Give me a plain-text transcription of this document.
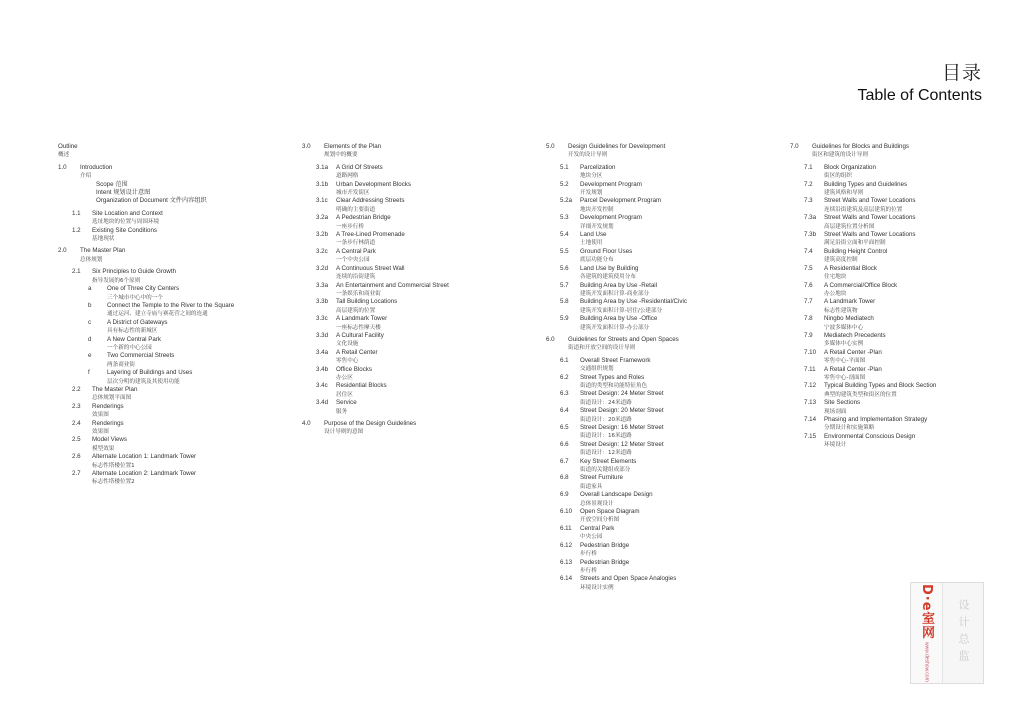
目录
Table of Contents
Outline
概述
1.0	Introduction
介绍
Scope 范围
Intent 规划设计意图
Organization of Document 文件内容组织
1.1	Site Location and Context
选址地块的位置与周围环境
1.2	Existing Site Conditions
基地现状
2.0	The Master Plan
总体规划
2.1	Six Principles to Guide Growth
指导发展的6个原则
a	One of Three City Centers
三个城市中心中的一个
b	Connect the Temple to the River to the Square
通过运河、建立寺庙与赛花营之间的连通
c	A District of Gateways
具有标志性的新城区
d	A New Central Park
一个新的中心公园
e	Two Commercial Streets
两条商业街
f	Layering of Buildings and Uses
层次分明的建筑及其使用功能
2.2	The Master Plan
总体规划平面图
2.3	Renderings
效果图
2.4	Renderings
效果图
2.5	Model Views
模型效果
2.6	Alternate Location 1: Landmark Tower
标志性塔楼位置1
2.7	Alternate Location 2: Landmark Tower
标志性塔楼位置2
3.0	Elements of the Plan
规划中的概要
3.1a	A Grid Of Streets
道路网格
3.1b	Urban Development Blocks
城市开发街区
3.1c	Clear Addressing Streets
明确的主要街道
3.2a	A Pedestrian Bridge
一座步行桥
3.2b	A Tree-Lined Promenade
一条步行林荫道
3.2c	A Central Park
一个中央公园
3.2d	A Continuous Street Wall
连续的沿街建筑
3.3a	An Entertainment and Commercial Street
一条娱乐和商业街
3.3b	Tall Building Locations
高层建筑的位置
3.3c	A Landmark Tower
一座标志性摩天楼
3.3d	A Cultural Facility
文化设施
3.4a	A Retail Center
零售中心
3.4b	Office Blocks
办公区
3.4c	Residential Blocks
居住区
3.4d	Service
服务
4.0	Purpose of the Design Guidelines
设计导则的意图
5.0	Design Guidelines for Development
开发的设计导则
5.1	Parcelization
地块分区
5.2	Development Program
开发规划
5.2a	Parcel Development Program
地块开发控制
5.3	Development Program
详细开发规划
5.4	Land Use
土地使用
5.5	Ground Floor Uses
底层功能分布
5.6	Land Use by Building
各建筑的建筑使用分布
5.7	Building Area by Use -Retail
建筑开发面积计算-商业部分
5.8	Building Area by Use -Residential/Civic
建筑开发面积计算-居住/公建部分
5.9	Building Area by Use -Office
建筑开发面积计算-办公部分
6.0	Guidelines for Streets and Open Spaces
街道和开放空间的设计导则
6.1	Overall Street Framework
交通组织规划
6.2	Street Types and Roles
街道的类型和功能特征角色
6.3	Street Design: 24 Meter Street
街道设计：24米道路
6.4	Street Design: 20 Meter Street
街道设计：20米道路
6.5	Street Design: 16 Meter Street
街道设计：16米道路
6.6	Street Design: 12 Meter Street
街道设计：12米道路
6.7	Key Street Elements
街道的关键组成部分
6.8	Street Furniture
街道家具
6.9	Overall Landscape Design
总体景观设计
6.10	Open Space Diagram
开放空间分析图
6.11	Central Park
中央公园
6.12	Pedestrian Bridge
步行桥
6.13	Pedestrian Bridge
步行桥
6.14	Streets and Open Space Analogies
环境设计实例
7.0	Guidelines for Blocks and Buildings
街区和建筑的设计导则
7.1	Block Organization
街区的组织
7.2	Building Types and Guidelines
建筑风格和导则
7.3	Street Walls and Tower Locations
连续沿街建筑及高层建筑的位置
7.3a	Street Walls and Tower Locations
高层建筑位置分析图
7.3b	Street Walls and Tower Locations
满足沿街立面和平面控制
7.4	Building Height Control
建筑高度控制
7.5	A Residential Block
住宅地块
7.6	A Commercial/Office Block
办公地块
7.7	A Landmark Tower
标志性建筑物
7.8	Ningbo Mediatech
宁波多媒体中心
7.9	Mediatech Precedents
多媒体中心实例
7.10	A Retail Center -Plan
零售中心-平面图
7.11	A Retail Center -Plan
零售中心-剖面图
7.12	Typical Building Types and Block Section
典型的建筑类型和街区的位置
7.13	Site Sections
现场剖面
7.14	Phasing and Implementation Strategy
分期设计和实施策略
7.15	Environmental Conscious Design
环境设计
D·e室网
www.deshow.com	设计总监
